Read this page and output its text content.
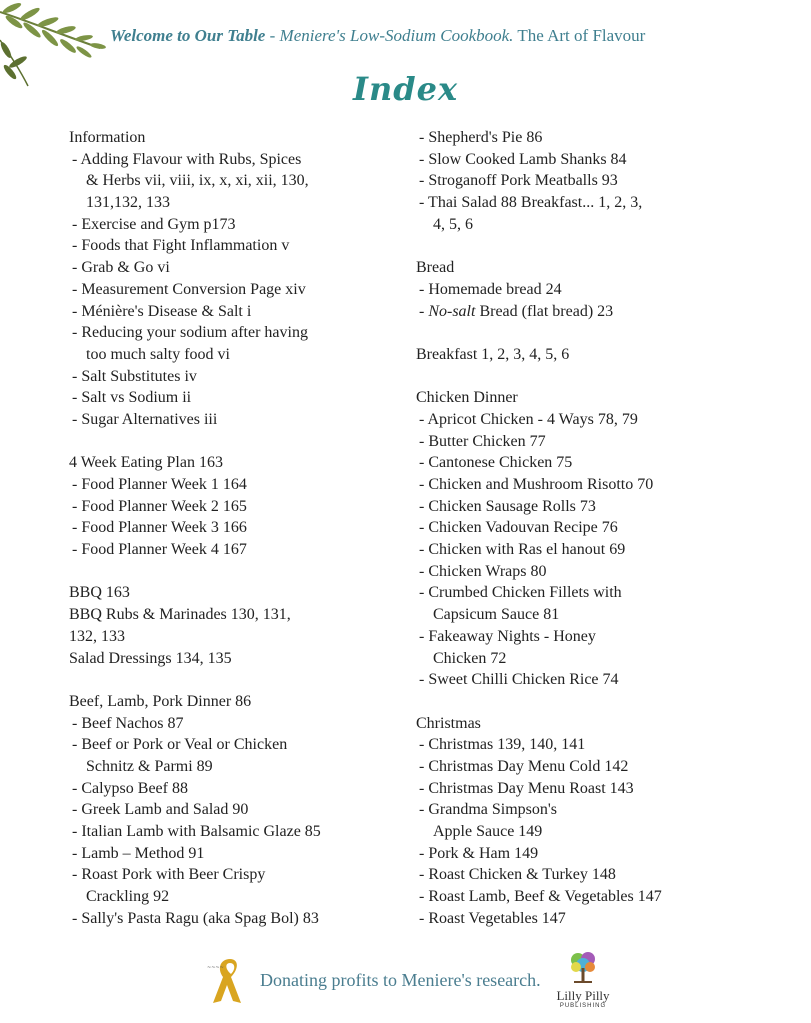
Welcome to Our Table - Meniere's Low-Sodium Cookbook. The Art of Flavour
Index
Information
- Adding Flavour with Rubs, Spices
& Herbs vii, viii, ix, x, xi, xii, 130,
131,132, 133
- Exercise and Gym p173
- Foods that Fight Inflammation v
- Grab & Go vi
- Measurement Conversion Page xiv
- Ménière's Disease & Salt i
- Reducing your sodium after having
too much salty food vi
- Salt Substitutes iv
- Salt vs Sodium ii
- Sugar Alternatives iii
4 Week Eating Plan 163
- Food Planner Week 1 164
- Food Planner Week 2 165
- Food Planner Week 3 166
- Food Planner Week 4 167
BBQ 163
BBQ Rubs & Marinades 130, 131,
132, 133
Salad Dressings 134, 135
Beef, Lamb, Pork Dinner 86
- Beef Nachos 87
- Beef or Pork or Veal or Chicken
Schnitz & Parmi 89
- Calypso Beef 88
- Greek Lamb and Salad 90
- Italian Lamb with Balsamic Glaze 85
- Lamb – Method 91
- Roast Pork with Beer Crispy
Crackling 92
- Sally's Pasta Ragu (aka Spag Bol) 83
- Shepherd's Pie 86
- Slow Cooked Lamb Shanks 84
- Stroganoff Pork Meatballs 93
- Thai Salad 88 Breakfast... 1, 2, 3,
4, 5, 6
Bread
- Homemade bread 24
- No-salt Bread (flat bread) 23
Breakfast 1, 2, 3, 4, 5, 6
Chicken Dinner
- Apricot Chicken - 4 Ways 78, 79
- Butter Chicken 77
- Cantonese Chicken 75
- Chicken and Mushroom Risotto 70
- Chicken Sausage Rolls 73
- Chicken Vadouvan Recipe 76
- Chicken with Ras el hanout 69
- Chicken Wraps 80
- Crumbed Chicken Fillets with
Capsicum Sauce 81
- Fakeaway Nights - Honey
Chicken 72
- Sweet Chilli Chicken Rice 74
Christmas
- Christmas 139, 140, 141
- Christmas Day Menu Cold 142
- Christmas Day Menu Roast 143
- Grandma Simpson's
Apple Sauce 149
- Pork & Ham 149
- Roast Chicken & Turkey 148
- Roast Lamb, Beef & Vegetables 147
- Roast Vegetables 147
~~~~
Donating profits to Meniere's research.
Lilly Pilly
PUBLISHING
